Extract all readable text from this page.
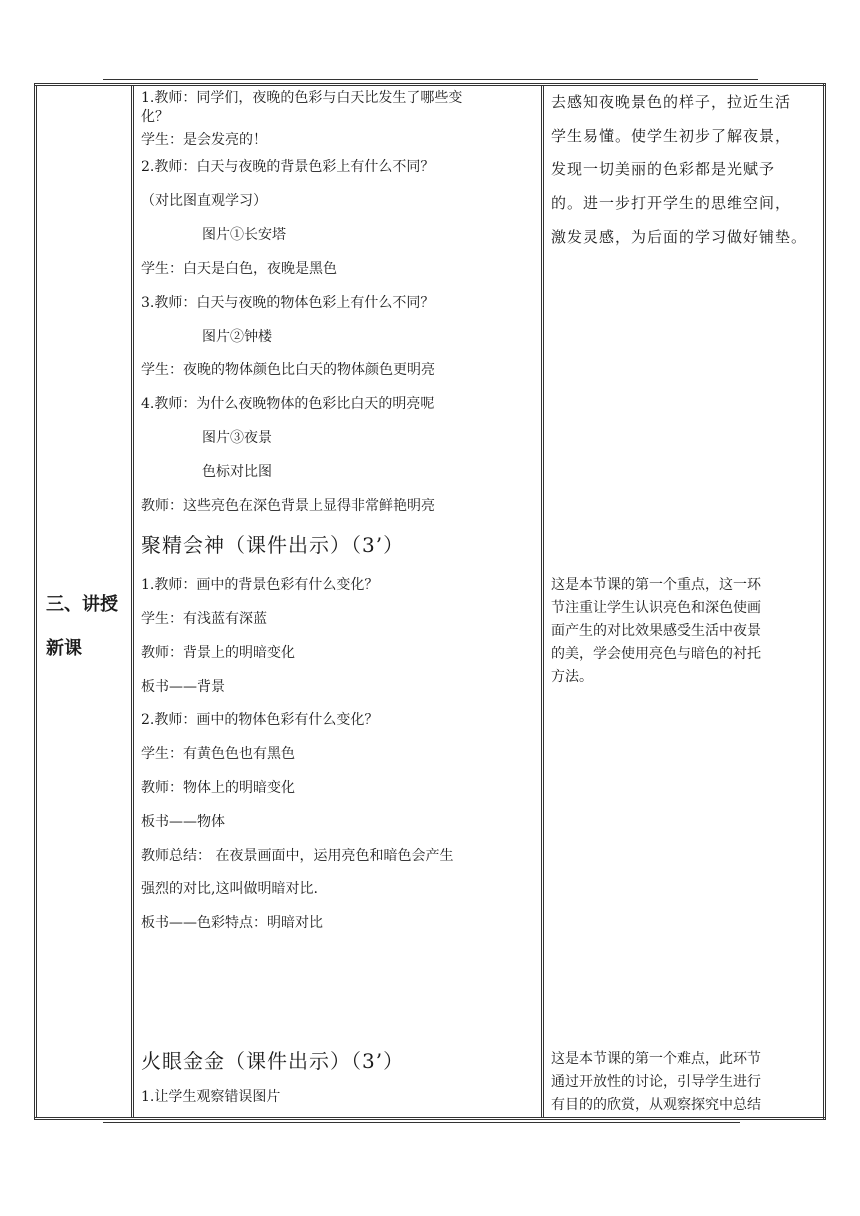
三、讲授
新课
1.教师：同学们，夜晚的色彩与白天比发生了哪些变
化？
学生：是会发亮的！
2.教师：白天与夜晚的背景色彩上有什么不同？
（对比图直观学习）
图片①长安塔
学生：白天是白色，夜晚是黑色
3.教师：白天与夜晚的物体色彩上有什么不同？
图片②钟楼
学生：夜晚的物体颜色比白天的物体颜色更明亮
4.教师：为什么夜晚物体的色彩比白天的明亮呢
图片③夜景
色标对比图
教师：这些亮色在深色背景上显得非常鲜艳明亮
聚精会神（课件出示）（3’）
1.教师：画中的背景色彩有什么变化？
学生：有浅蓝有深蓝
教师：背景上的明暗变化
板书——背景
2.教师：画中的物体色彩有什么变化？
学生：有黄色色也有黑色
教师：物体上的明暗变化
板书——物体
教师总结： 在夜景画面中，运用亮色和暗色会产生
强烈的对比,这叫做明暗对比.
板书——色彩特点：明暗对比
火眼金金（课件出示）（3’）
1.让学生观察错误图片
去感知夜晚景色的样子，拉近生活
学生易懂。使学生初步了解夜景，
发现一切美丽的色彩都是光赋予
的。进一步打开学生的思维空间，
激发灵感，为后面的学习做好铺垫。
这是本节课的第一个重点，这一环
节注重让学生认识亮色和深色使画
面产生的对比效果感受生活中夜景
的美，学会使用亮色与暗色的衬托
方法。
这是本节课的第一个难点，此环节
通过开放性的讨论，引导学生进行
有目的的欣赏，从观察探究中总结
